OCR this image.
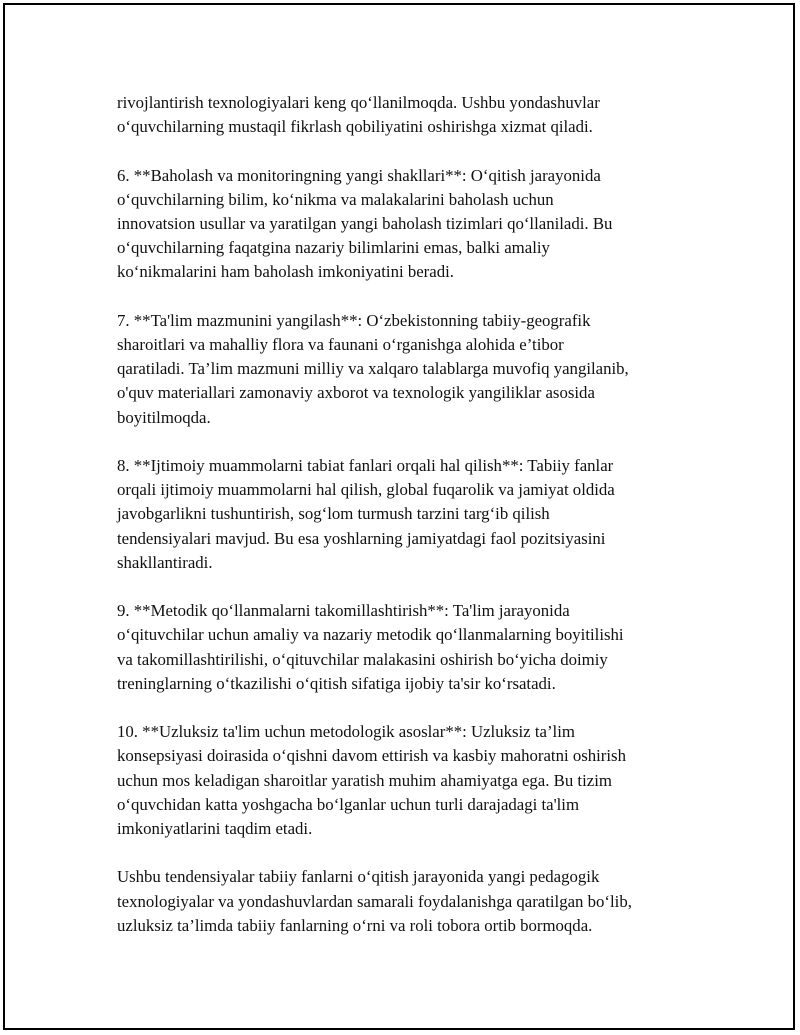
rivojlantirish texnologiyalari keng qo‘llanilmoqda. Ushbu yondashuvlar
o‘quvchilarning mustaqil fikrlash qobiliyatini oshirishga xizmat qiladi.

6. **Baholash va monitoringning yangi shakllari**: O‘qitish jarayonida
o‘quvchilarning bilim, ko‘nikma va malakalarini baholash uchun
innovatsion usullar va yaratilgan yangi baholash tizimlari qo‘llaniladi. Bu
o‘quvchilarning faqatgina nazariy bilimlarini emas, balki amaliy
ko‘nikmalarini ham baholash imkoniyatini beradi.

7. **Ta'lim mazmunini yangilash**: O‘zbekistonning tabiiy-geografik
sharoitlari va mahalliy flora va faunani o‘rganishga alohida e’tibor
qaratiladi. Ta’lim mazmuni milliy va xalqaro talablarga muvofiq yangilanib,
o'quv materiallari zamonaviy axborot va texnologik yangiliklar asosida
boyitilmoqda.

8. **Ijtimoiy muammolarni tabiat fanlari orqali hal qilish**: Tabiiy fanlar
orqali ijtimoiy muammolarni hal qilish, global fuqarolik va jamiyat oldida
javobgarlikni tushuntirish, sog‘lom turmush tarzini targ‘ib qilish
tendensiyalari mavjud. Bu esa yoshlarning jamiyatdagi faol pozitsiyasini
shakllantiradi.

9. **Metodik qo‘llanmalarni takomillashtirish**: Ta'lim jarayonida
o‘qituvchilar uchun amaliy va nazariy metodik qo‘llanmalarning boyitilishi
va takomillashtirilishi, o‘qituvchilar malakasini oshirish bo‘yicha doimiy
treninglarning o‘tkazilishi o‘qitish sifatiga ijobiy ta'sir ko‘rsatadi.

10. **Uzluksiz ta'lim uchun metodologik asoslar**: Uzluksiz ta’lim
konsepsiyasi doirasida o‘qishni davom ettirish va kasbiy mahoratni oshirish
uchun mos keladigan sharoitlar yaratish muhim ahamiyatga ega. Bu tizim
o‘quvchidan katta yoshgacha bo‘lganlar uchun turli darajadagi ta'lim
imkoniyatlarini taqdim etadi.

Ushbu tendensiyalar tabiiy fanlarni o‘qitish jarayonida yangi pedagogik
texnologiyalar va yondashuvlardan samarali foydalanishga qaratilgan bo‘lib,
uzluksiz ta’limda tabiiy fanlarning o‘rni va roli tobora ortib bormoqda.
